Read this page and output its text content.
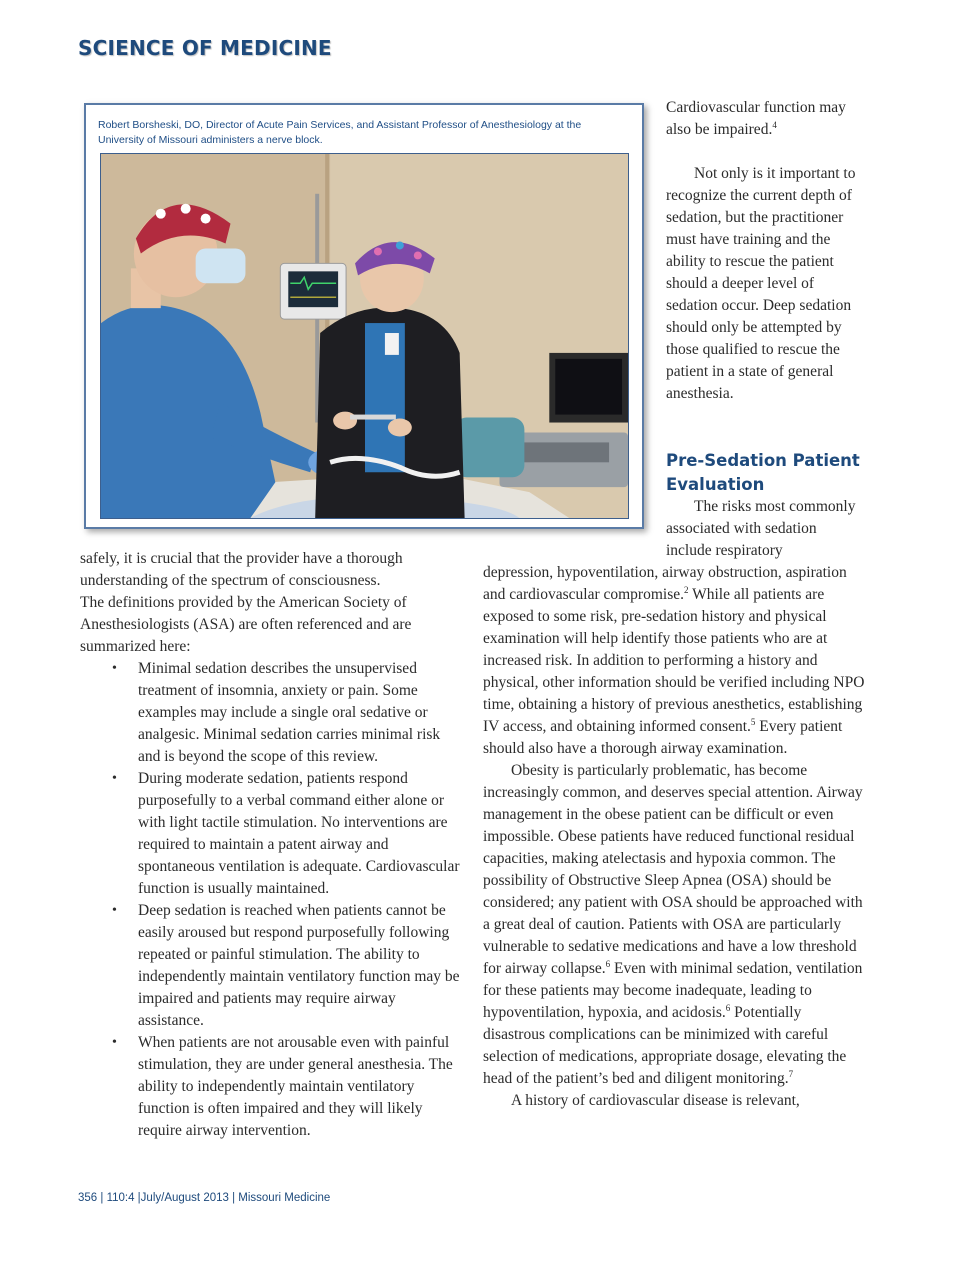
SCIENCE OF MEDICINE

Robert Borsheski, DO, Director of Acute Pain Services, and Assistant Professor of Anesthesiology at the University of Missouri administers a nerve block.

Cardiovascular function may also be impaired.$^4$

Not only is it important to recognize the current depth of sedation, but the practitioner must have training and the ability to rescue the patient should a deeper level of sedation occur. Deep sedation should only be attempted by those qualified to rescue the patient in a state of general anesthesia.

Pre-Sedation Patient Evaluation

The risks most commonly associated with sedation include respiratory

depression, hypoventilation, airway obstruction, aspiration and cardiovascular compromise.$^2$ While all patients are exposed to some risk, pre-sedation history and physical examination will help identify those patients who are at increased risk. In addition to performing a history and physical, other information should be verified including NPO time, obtaining a history of previous anesthetics, establishing IV access, and obtaining informed consent.$^5$ Every patient should also have a thorough airway examination.

Obesity is particularly problematic, has become increasingly common, and deserves special attention. Airway management in the obese patient can be difficult or even impossible. Obese patients have reduced functional residual capacities, making atelectasis and hypoxia common. The possibility of Obstructive Sleep Apnea (OSA) should be considered; any patient with OSA should be approached with a great deal of caution. Patients with OSA are particularly vulnerable to sedative medications and have a low threshold for airway collapse.$^6$ Even with minimal sedation, ventilation for these patients may become inadequate, leading to hypoventilation, hypoxia, and acidosis.$^6$ Potentially disastrous complications can be minimized with careful selection of medications, appropriate dosage, elevating the head of the patient’s bed and diligent monitoring.$^7$

A history of cardiovascular disease is relevant,

safely, it is crucial that the provider have a thorough understanding of the spectrum of consciousness.

The definitions provided by the American Society of Anesthesiologists (ASA) are often referenced and are summarized here:

• Minimal sedation describes the unsupervised treatment of insomnia, anxiety or pain. Some examples may include a single oral sedative or analgesic. Minimal sedation carries minimal risk and is beyond the scope of this review.
• During moderate sedation, patients respond purposefully to a verbal command either alone or with light tactile stimulation. No interventions are required to maintain a patent airway and spontaneous ventilation is adequate. Cardiovascular function is usually maintained.
• Deep sedation is reached when patients cannot be easily aroused but respond purposefully following repeated or painful stimulation. The ability to independently maintain ventilatory function may be impaired and patients may require airway assistance.
• When patients are not arousable even with painful stimulation, they are under general anesthesia. The ability to independently maintain ventilatory function is often impaired and they will likely require airway intervention.

356 | 110:4 |July/August 2013 | Missouri Medicine
